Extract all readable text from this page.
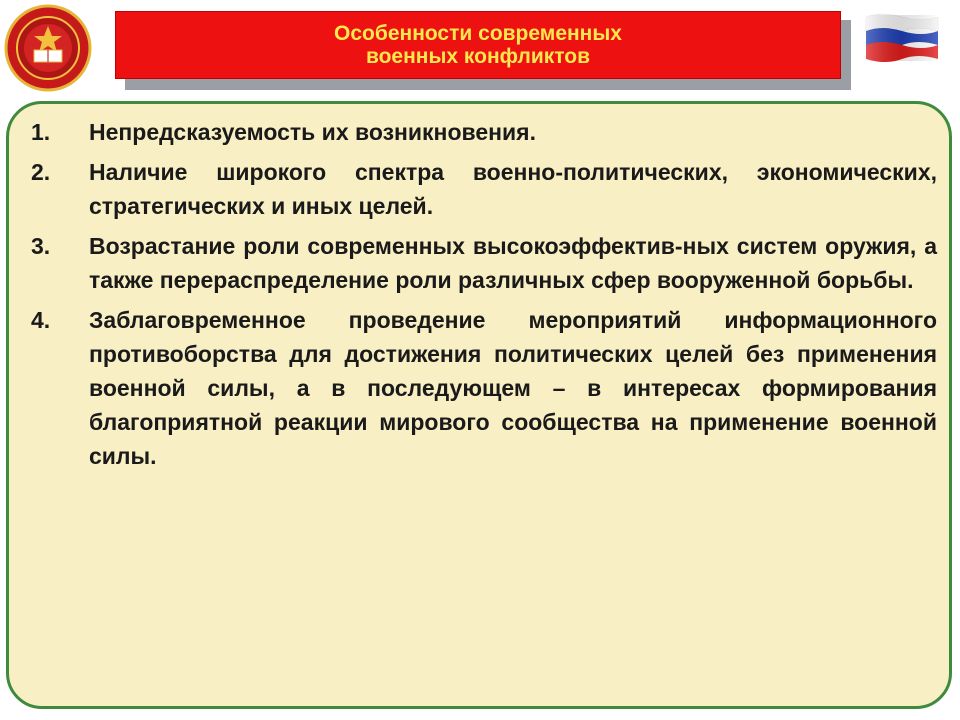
Особенности современных
военных конфликтов
1.	Непредсказуемость их возникновения.
2.	Наличие широкого спектра военно-политических, экономических, стратегических и иных целей.
3.	Возрастание роли современных высокоэффектив-ных систем оружия, а также перераспределение роли различных сфер вооруженной борьбы.
4.	Заблаговременное проведение мероприятий информационного противоборства для достижения политических целей без применения военной силы, а в последующем – в интересах формирования благоприятной реакции мирового сообщества на применение военной силы.
